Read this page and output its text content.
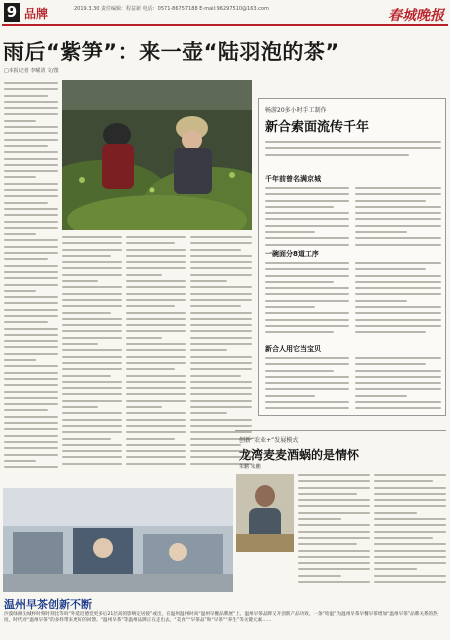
9 品牌	2019.3.30 责任编辑：程益新 电话：0571-86757188 E-mail:96297510@163.com	春城晚报
雨后“紫笋”：来一壶“陆羽泡的茶”
□本报记者 李曜清 文/图
畅游20多小时手工制作
新合索面流传千年
千年前曾名满京城
一碗面分8道工序
新合人用它当宝贝
创新“农业+”发展模式
龙湾麦麦酒蜗的是情怀
朱鹏 朱鹏
温州早茶创新不断
沙漠绿洲尖城杯时刻时刻比等吗“外延迟德党更多后21层高的影响定居接”或出，在温州温州时尚“温州早餐品牌展”上，温州早茶品牌又开创新产品功效。一条“哈温”为温州早茶早餐早茶增加“温州早茶”品牌关系的热度，时代对“温州早茶”的多样带来更好的回馈。“温州早茶”等温州品牌正在走出去，“美食”“早茶品”和“早茶”“养生”等关键元素……
